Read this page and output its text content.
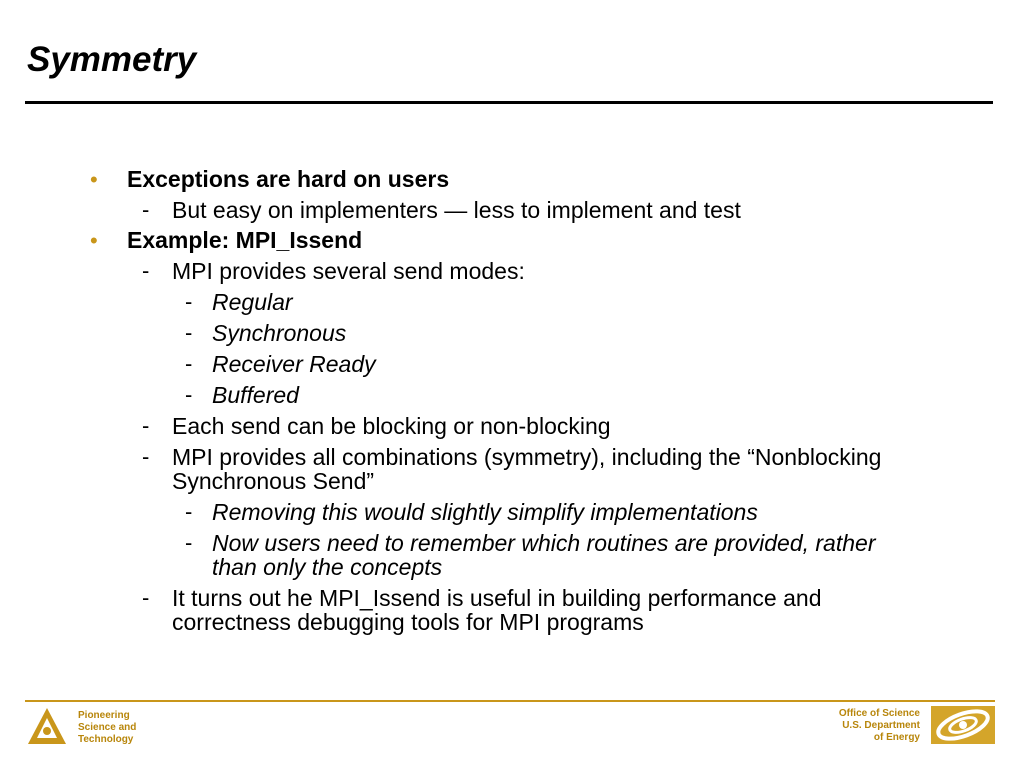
Symmetry
• Exceptions are hard on users
- But easy on implementers — less to implement and test
• Example: MPI_Issend
- MPI provides several send modes:
- Regular
- Synchronous
- Receiver Ready
- Buffered
- Each send can be blocking or non-blocking
- MPI provides all combinations (symmetry), including the “Nonblocking
Synchronous Send”
- Removing this would slightly simplify implementations
- Now users need to remember which routines are provided, rather
than only the concepts
- It turns out he MPI_Issend is useful in building performance and
correctness debugging tools for MPI programs
Pioneering
Science and
Technology
Office of Science
U.S. Department
of Energy
